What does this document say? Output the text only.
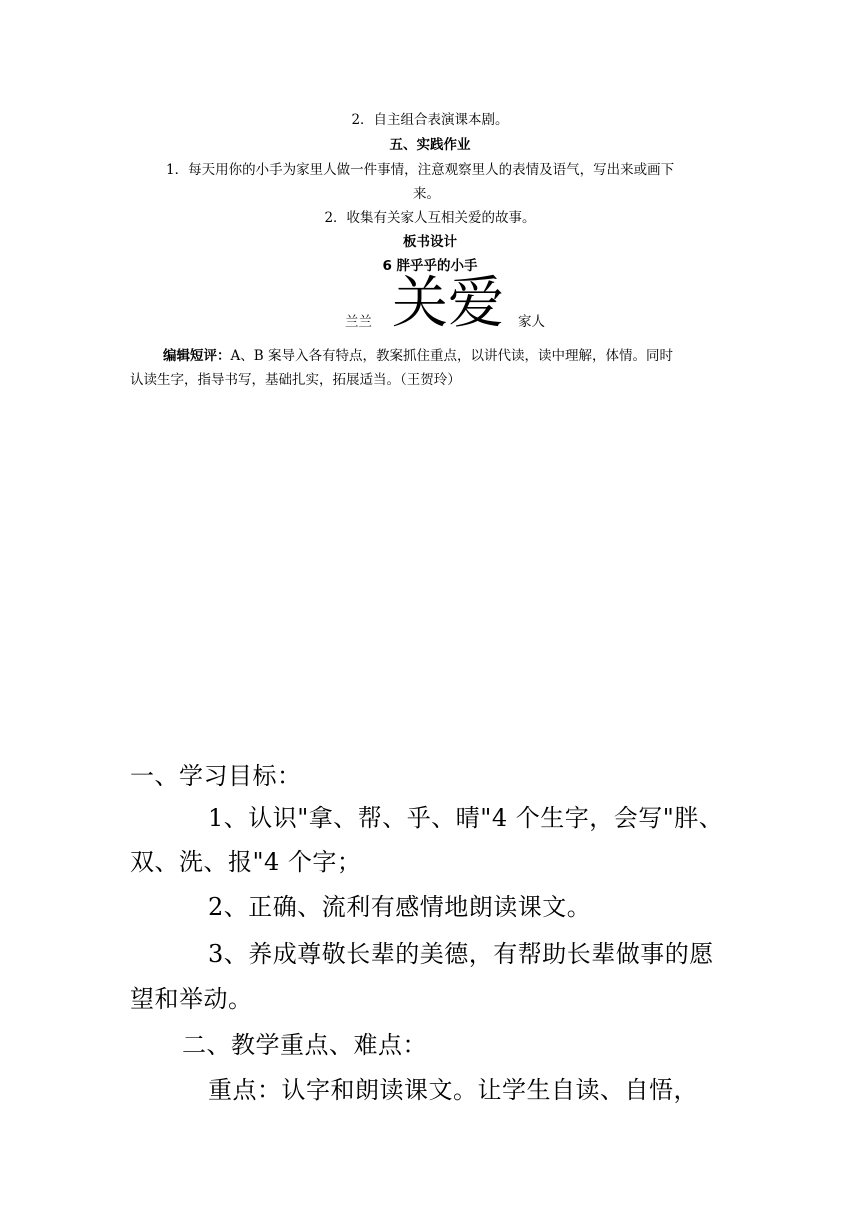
2．自主组合表演课本剧。
五、实践作业
1．每天用你的小手为家里人做一件事情，注意观察里人的表情及语气，写出来或画下
来。
2．收集有关家人互相关爱的故事。
板书设计
6 胖乎乎的小手
兰兰 关爱 家人
编辑短评：A、B 案导入各有特点，教案抓住重点，以讲代读，读中理解，体情。同时
认读生字，指导书写，基础扎实，拓展适当。（王贺玲）
一、学习目标：
1、认识"拿、帮、乎、晴"4 个生字，会写"胖、
双、洗、报"4 个字；
2、正确、流利有感情地朗读课文。
3、养成尊敬长辈的美德，有帮助长辈做事的愿
望和举动。
二、教学重点、难点：
重点：认字和朗读课文。让学生自读、自悟，
